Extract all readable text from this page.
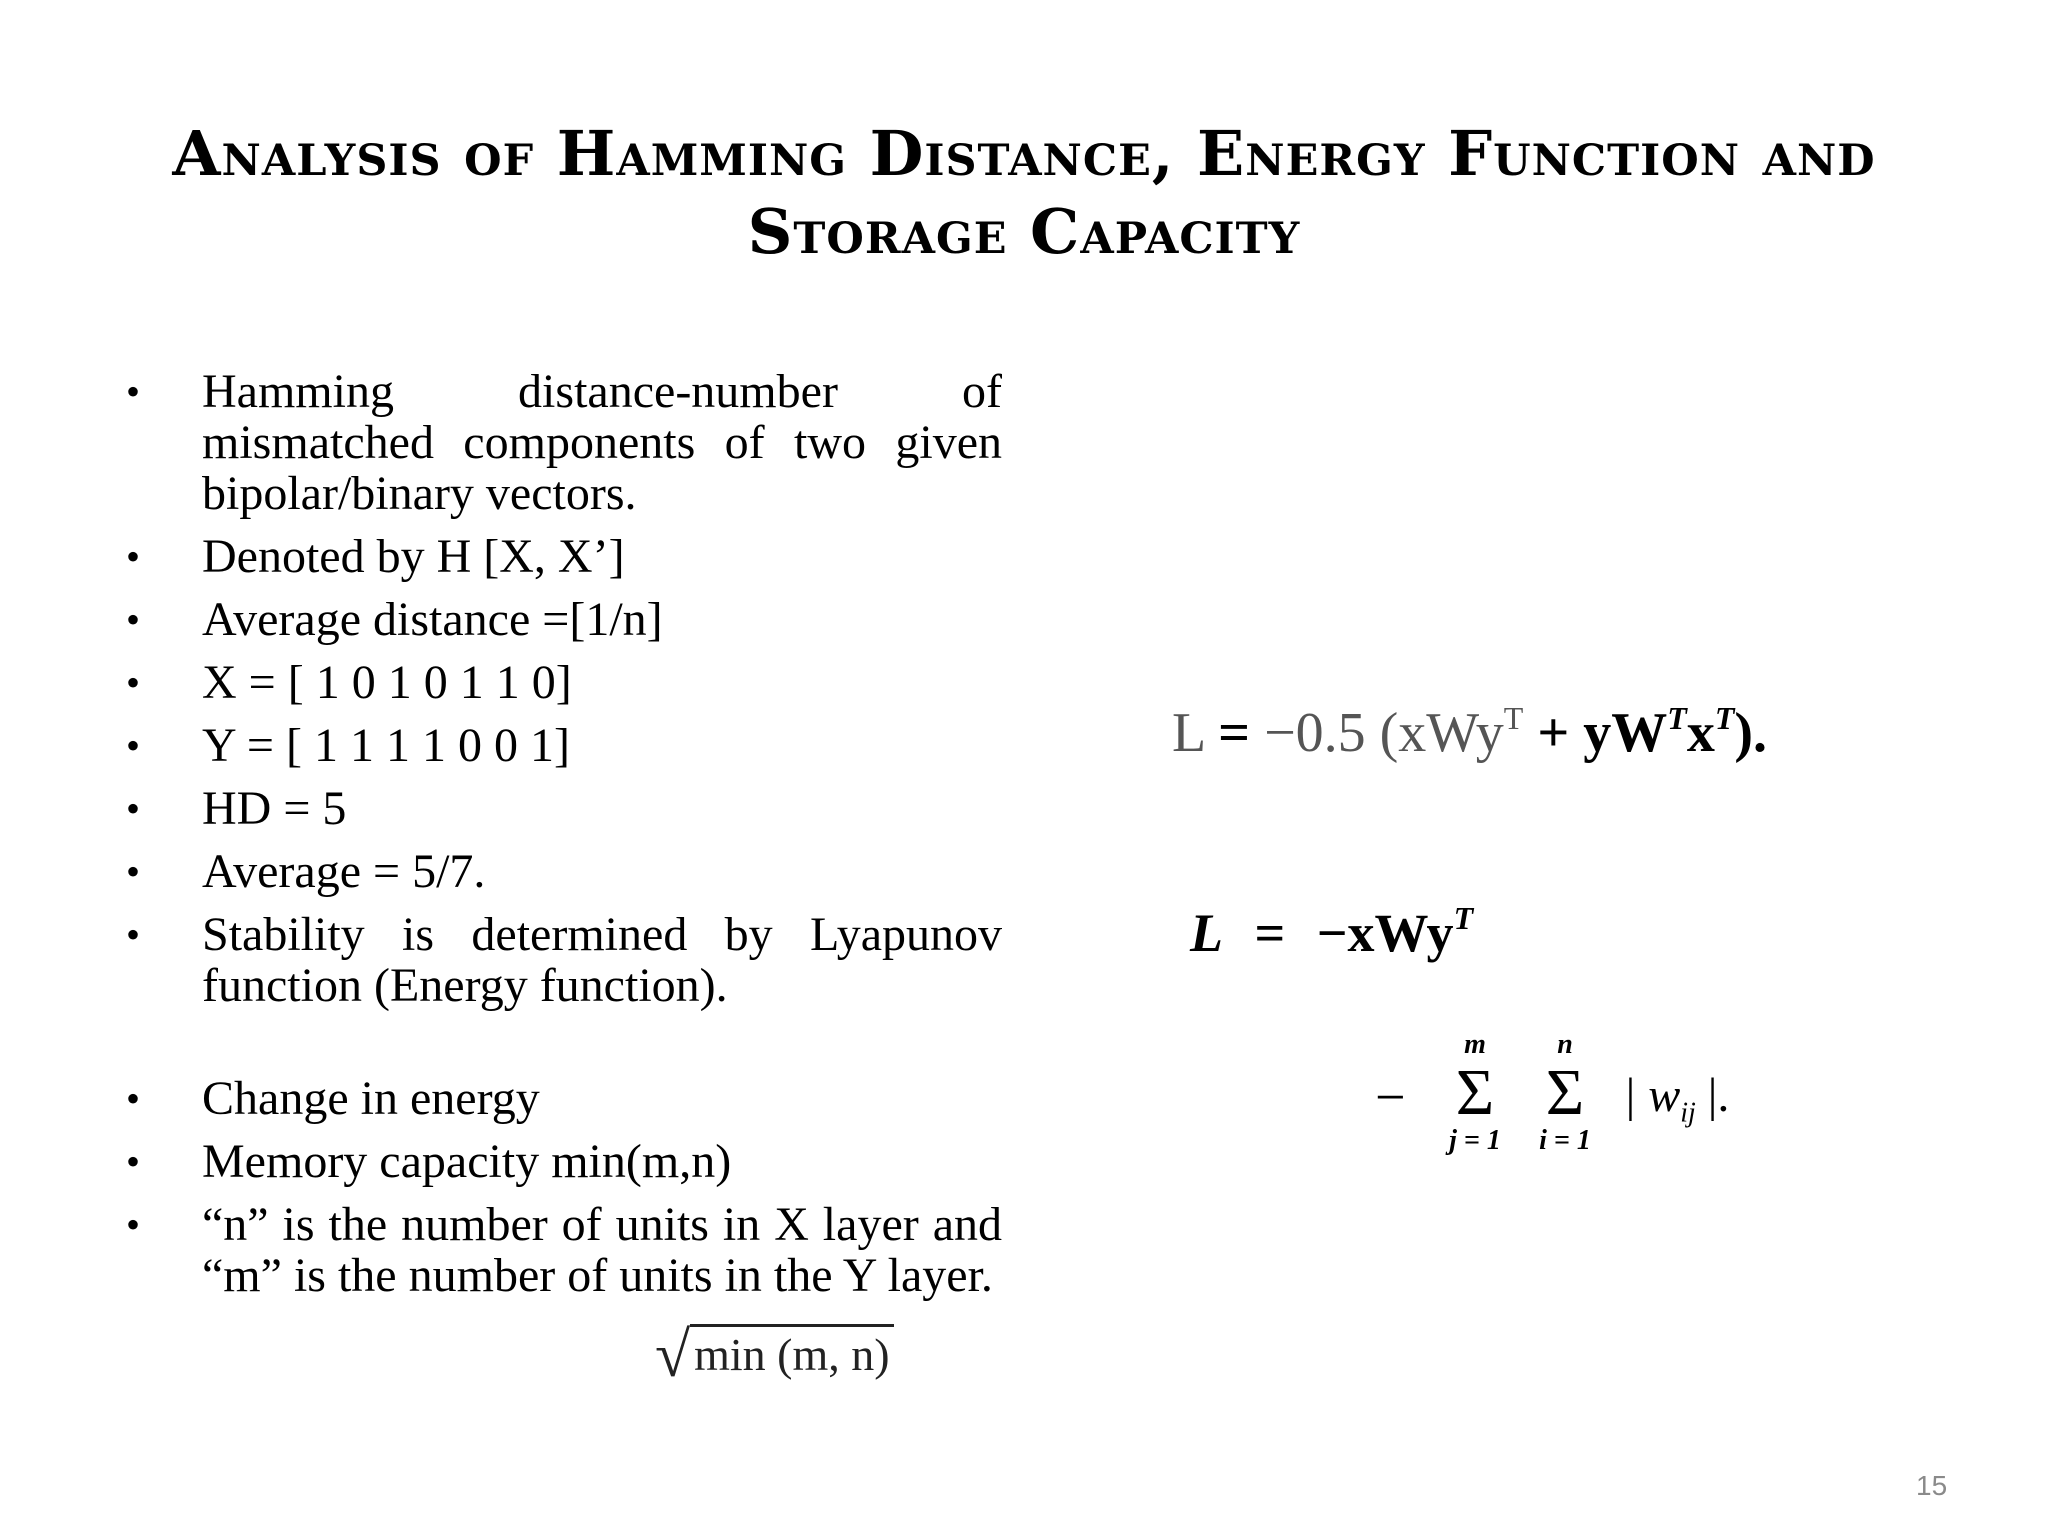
Analysis of Hamming Distance, Energy Function and Storage Capacity
• Hamming distance-number of mismatched components of two given bipolar/binary vectors.
• Denoted by H [X, X’]
• Average distance =[1/n]
• X = [ 1 0 1 0 1 1 0]
• Y = [ 1 1 1 1 0 0 1]
• HD = 5
• Average = 5/7.
• Stability is determined by Lyapunov function (Energy function).
• Change in energy
• Memory capacity min(m,n)
• “n” is the number of units in X layer and “m” is the number of units in the Y layer.
L = −0.5 $(xWy^T + yW^Tx^T)$.
L = −xWy$^T$
−
m
Σ
j = 1
n
Σ
i = 1
| $w_{ij}$ |.
√min (m, n)
15
